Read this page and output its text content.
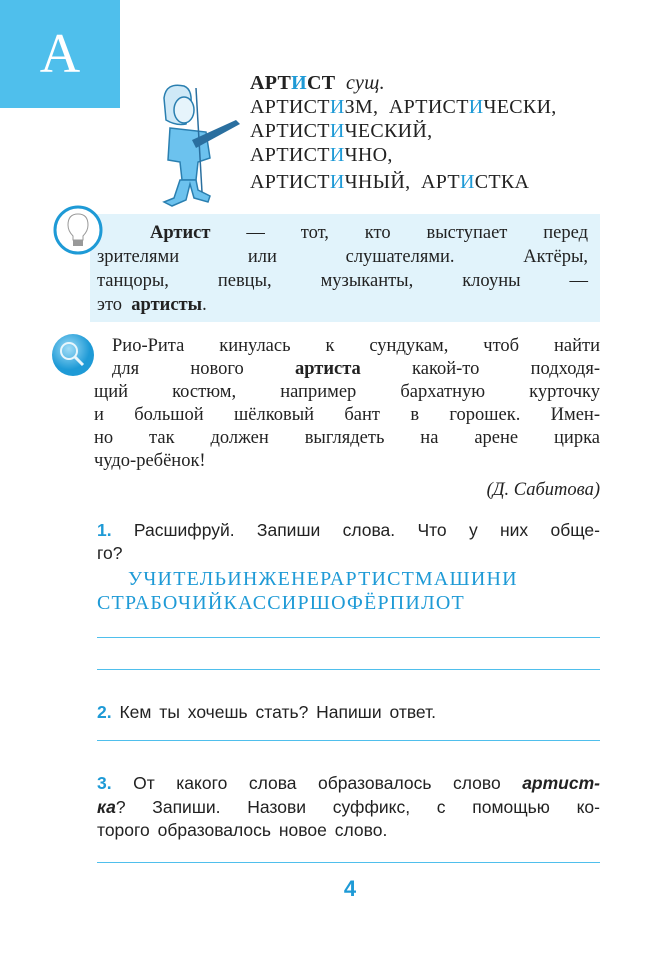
А	АРТИСТ сущ.
АРТИСТИЗМ, АРТИСТИЧЕСКИ,
АРТИСТИЧЕСКИЙ,
АРТИСТИЧНО,
АРТИСТИЧНЫЙ, АРТИСТКА
Артист — тот, кто выступает перед
зрителями или слушателями. Актёры,
танцоры, певцы, музыканты, клоуны —
это артисты.
Рио-Рита кинулась к сундукам, чтоб найти
для нового	артиста	какой-то подходя-
щий костюм, например бархатную курточку
и большой шёлковый бант в горошек. Имен-
но так должен выглядеть на арене цирка
чудо-ребёнок!
(Д. Сабитова)
1. Расшифруй. Запиши слова. Что у них обще-
го?
УЧИТЕЛЬИНЖЕНЕРАРТИСТМАШИНИ
СТРАБОЧИЙКАССИРШОФЁРПИЛОТ
2. Кем ты хочешь стать? Напиши ответ.
3. От какого слова образовалось слово артист-
ка? Запиши. Назови суффикс, с помощью ко-
торого образовалось новое слово.
4
